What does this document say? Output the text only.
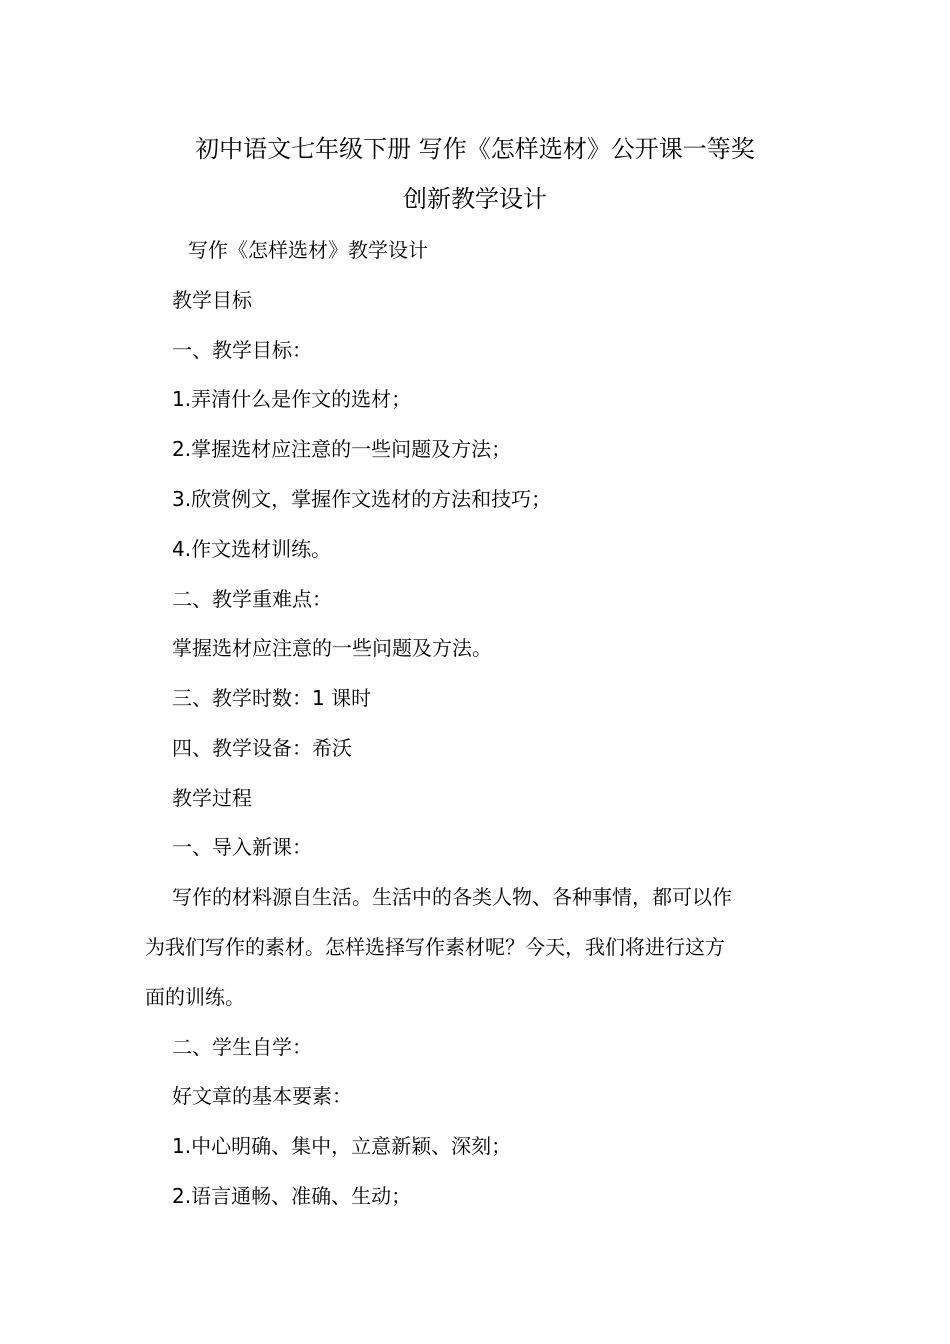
初中语文七年级下册 写作《怎样选材》公开课一等奖
创新教学设计
写作《怎样选材》教学设计
教学目标
一、教学目标：
1.弄清什么是作文的选材；
2.掌握选材应注意的一些问题及方法；
3.欣赏例文，掌握作文选材的方法和技巧；
4.作文选材训练。
二、教学重难点：
掌握选材应注意的一些问题及方法。
三、教学时数：1 课时
四、教学设备：希沃
教学过程
一、导入新课：
写作的材料源自生活。生活中的各类人物、各种事情，都可以作
为我们写作的素材。怎样选择写作素材呢？今天，我们将进行这方
面的训练。
二、学生自学：
好文章的基本要素：
1.中心明确、集中，立意新颖、深刻；
2.语言通畅、准确、生动；
